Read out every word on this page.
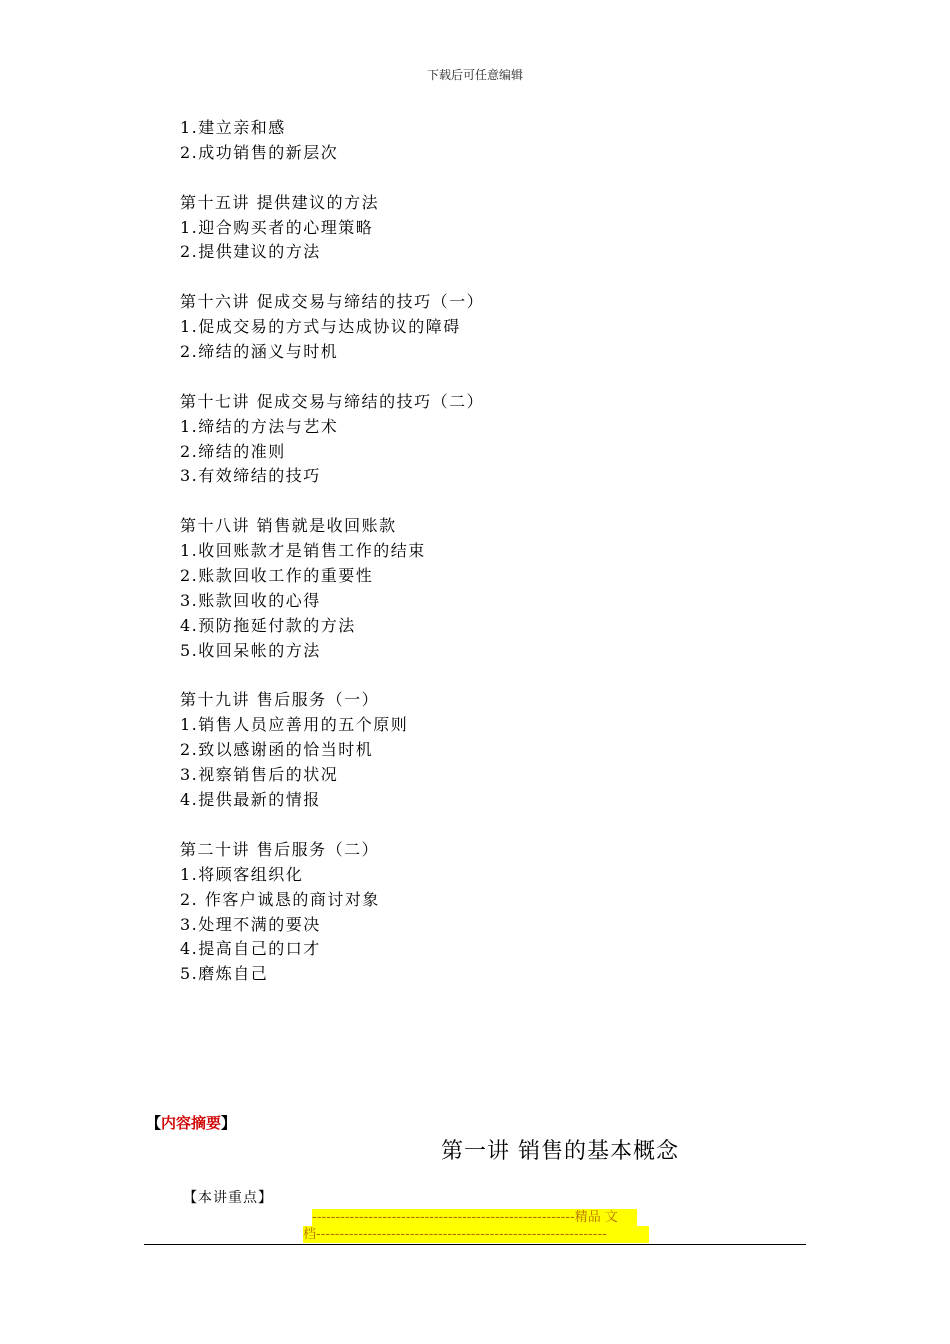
下载后可任意编辑
1.建立亲和感
2.成功销售的新层次
第十五讲 提供建议的方法
1.迎合购买者的心理策略
2.提供建议的方法
第十六讲 促成交易与缔结的技巧（一）
1.促成交易的方式与达成协议的障碍
2.缔结的涵义与时机
第十七讲 促成交易与缔结的技巧（二）
1.缔结的方法与艺术
2.缔结的准则
3.有效缔结的技巧
第十八讲 销售就是收回账款
1.收回账款才是销售工作的结束
2.账款回收工作的重要性
3.账款回收的心得
4.预防拖延付款的方法
5.收回呆帐的方法
第十九讲 售后服务（一）
1.销售人员应善用的五个原则
2.致以感谢函的恰当时机
3.视察销售后的状况
4.提供最新的情报
第二十讲 售后服务（二）
1.将顾客组织化
2. 作客户诚恳的商讨对象
3.处理不满的要决
4.提高自己的口才
5.磨炼自己
【内容摘要】
第一讲 销售的基本概念
【本讲重点】
--------------------------------------------------------精品 文
档--------------------------------------------------------------
